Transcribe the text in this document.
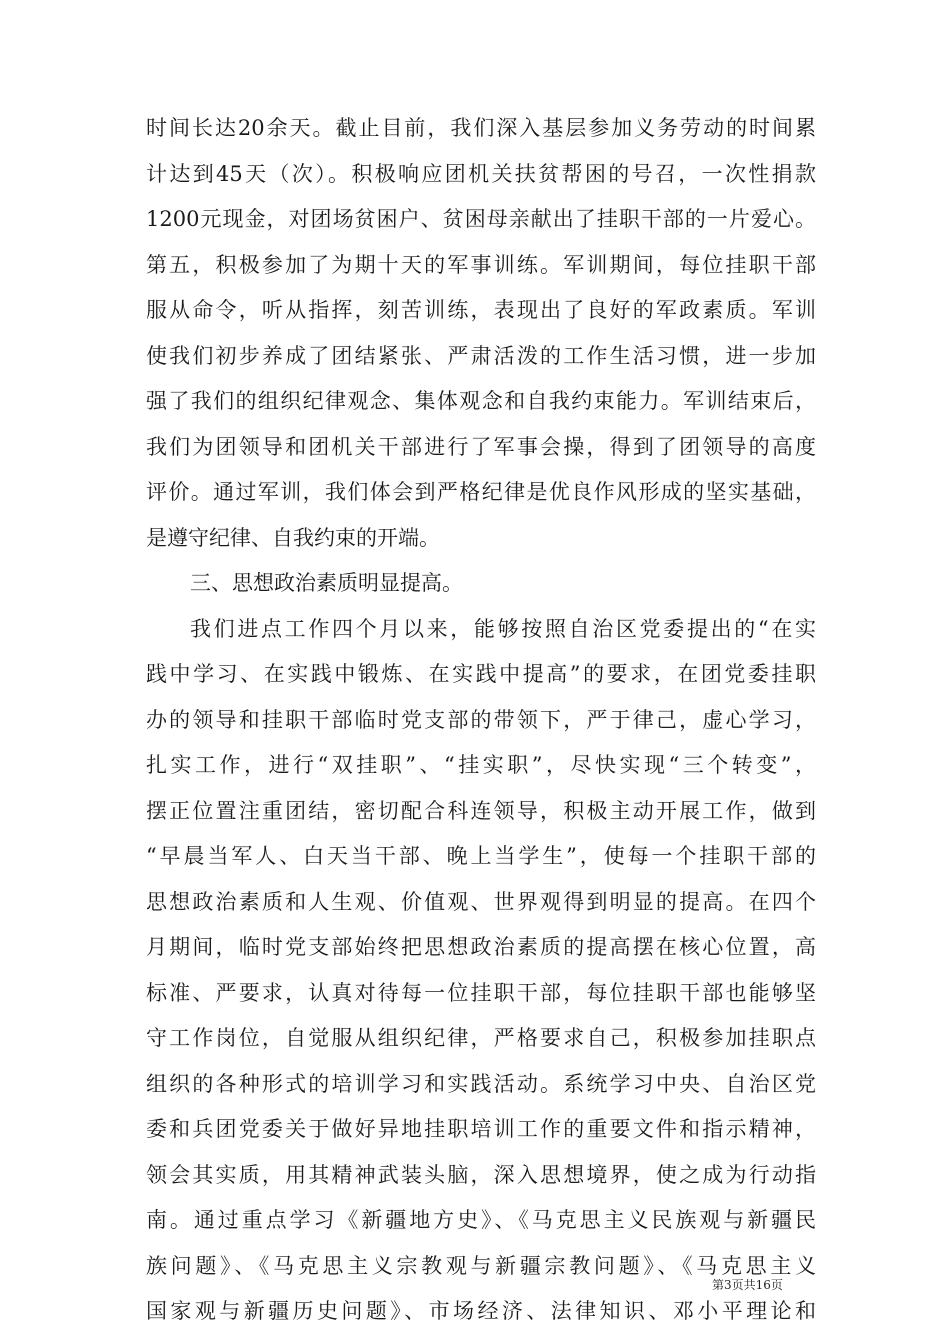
时间长达20余天。截止目前，我们深入基层参加义务劳动的时间累
计达到45天（次）。积极响应团机关扶贫帮困的号召，一次性捐款
1200元现金，对团场贫困户、贫困母亲献出了挂职干部的一片爱心。
第五，积极参加了为期十天的军事训练。军训期间，每位挂职干部
服从命令，听从指挥，刻苦训练，表现出了良好的军政素质。军训
使我们初步养成了团结紧张、严肃活泼的工作生活习惯，进一步加
强了我们的组织纪律观念、集体观念和自我约束能力。军训结束后，
我们为团领导和团机关干部进行了军事会操，得到了团领导的高度
评价。通过军训，我们体会到严格纪律是优良作风形成的坚实基础，
是遵守纪律、自我约束的开端。
三、思想政治素质明显提高。
我们进点工作四个月以来，能够按照自治区党委提出的“在实
践中学习、在实践中锻炼、在实践中提高”的要求，在团党委挂职
办的领导和挂职干部临时党支部的带领下，严于律己，虚心学习，
扎实工作，进行“双挂职”、“挂实职”，尽快实现“三个转变”，
摆正位置注重团结，密切配合科连领导，积极主动开展工作，做到
“早晨当军人、白天当干部、晚上当学生”，使每一个挂职干部的
思想政治素质和人生观、价值观、世界观得到明显的提高。在四个
月期间，临时党支部始终把思想政治素质的提高摆在核心位置，高
标准、严要求，认真对待每一位挂职干部，每位挂职干部也能够坚
守工作岗位，自觉服从组织纪律，严格要求自己，积极参加挂职点
组织的各种形式的培训学习和实践活动。系统学习中央、自治区党
委和兵团党委关于做好异地挂职培训工作的重要文件和指示精神，
领会其实质，用其精神武装头脑，深入思想境界，使之成为行动指
南。通过重点学习《新疆地方史》、《马克思主义民族观与新疆民
族问题》、《马克思主义宗教观与新疆宗教问题》、《马克思主义
国家观与新疆历史问题》、市场经济、法律知识、邓小平理论和
第3页共16页
